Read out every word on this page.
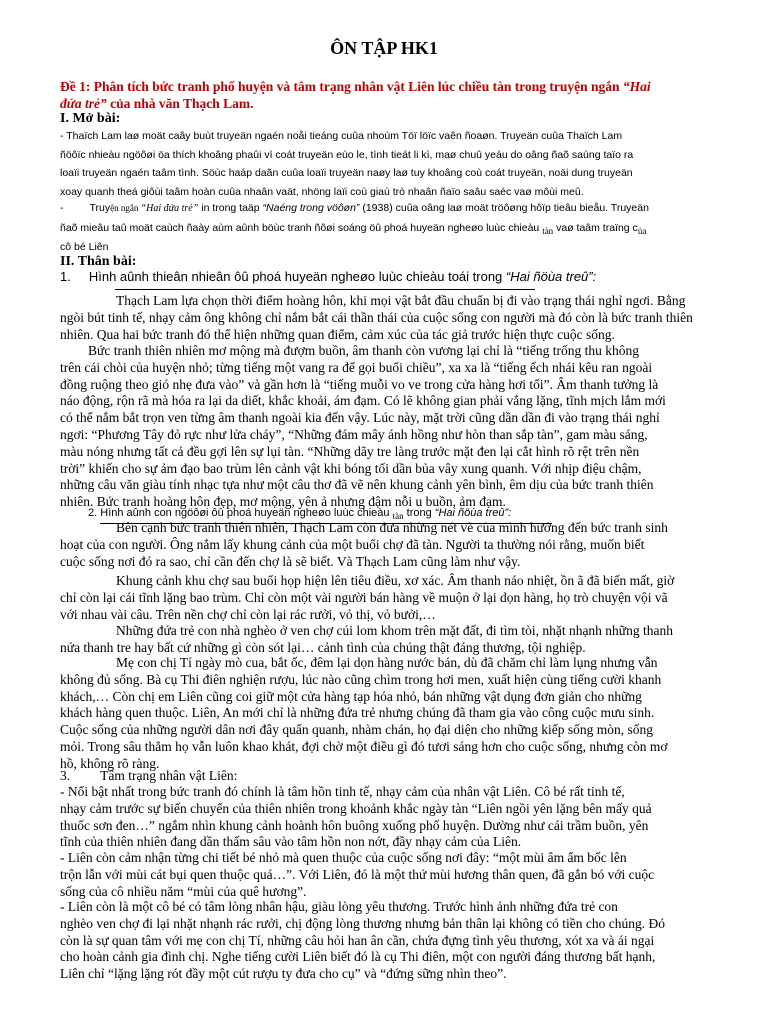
ÔN TẬP HK1
Đề 1: Phân tích bức tranh phố huyện và tâm trạng nhân vật Liên lúc chiều tàn trong truyện ngắn “Hai
đứa trẻ” của nhà văn Thạch Lam.
I. Mở bài:
- Thaïch Lam laø moät caây buùt truyeän ngaén noåi tieáng cuûa nhoùm Töï löïc vaên ñoaøn. Truyeän cuûa Thaïch Lam
ñöôïc nhieàu ngöôøi öa thích khoâng phaûi vì coát truyeän eùo le, tình tieát li kì, maø chuû yeáu do oâng ñaõ saùng taïo ra
loaïi truyeän ngaén taâm tình. Söùc haáp daãn cuûa loaïi truyeän naøy laø tuy khoâng coù coát truyeän, noäi dung truyeän
xoay quanh theá giôùi taâm hoàn cuûa nhaân vaät, nhöng laïi coù giaù trò nhaân ñaïo saâu saéc vaø môùi meû.
- Truyện ngắn “Hai đứa trẻ” in trong taäp “Naéng trong vöôøn” (1938) cuûa oâng laø moät tröôøng hôïp tieâu bieåu. Truyeän
ñaõ mieâu taû moät caùch ñaày aùm aûnh böùc tranh ñôøi soáng öû phoá huyeän ngheøo luùc chieàu tàn vaø taâm traïng của
cô bé Liên
II. Thân bài:
1. Hình aûnh thieân nhieân ôû phoá huyeän ngheøo luùc chieàu toái trong “Hai ñöùa treû”:
Thạch Lam lựa chọn thời điểm hoàng hôn, khi mọi vật bắt đầu chuẩn bị đi vào trạng thái nghỉ ngơi. Bằng
ngòi bút tinh tế, nhạy cảm ông không chỉ nắm bắt cái thần thái của cuộc sống con người mà đó còn là bức tranh thiên
nhiên. Qua hai bức tranh đó thể hiện những quan điểm, cảm xúc của tác giả trước hiện thực cuộc sống.
Bức tranh thiên nhiên mơ mộng mà đượm buồn, âm thanh còn vương lại chỉ là “tiếng trống thu không
trên cái chòi của huyện nhỏ; từng tiếng một vang ra để gọi buổi chiều”, xa xa là “tiếng ếch nhái kêu ran ngoài
đồng ruộng theo gió nhẹ đưa vào” và gần hơn là “tiếng muỗi vo ve trong cửa hàng hơi tối”. Âm thanh tưởng là
náo động, rộn rã mà hóa ra lại da diết, khắc khoải, ám đạm. Có lẽ không gian phải vắng lặng, tĩnh mịch lắm mới
có thể nắm bắt trọn ven từng âm thanh ngoài kia đến vậy. Lúc này, mặt trời cũng dần dần đi vào trạng thái nghỉ
ngơi: “Phương Tây đỏ rực như lửa cháy”, “Những đám mây ánh hồng như hòn than sắp tàn”, gam màu sáng,
màu nóng nhưng tất cả đều gợi lên sự lụi tàn. “Những dãy tre làng trước mặt đen lại cắt hình rõ rệt trên nền
trời” khiến cho sự ảm đạo bao trùm lên cảnh vật khi bóng tối dần bủa vây xung quanh. Với nhịp điệu chậm,
những câu văn giàu tính nhạc tựa như một câu thơ đã vẽ nên khung cảnh yên bình, êm dịu của bức tranh thiên
nhiên. Bức tranh hoàng hôn đẹp, mơ mộng, yên ả nhưng đậm nỗi u buồn, ảm đạm.
2. Hình aûnh con ngöôøi ôû phoá huyeän ngheøo luùc chieàu $_{tàn}$ trong “Hai ñöùa treû”:
Bên cạnh bức tranh thiên nhiên, Thạch Lam còn đưa những nét vẽ của mình hướng đến bức tranh sinh
hoạt của con người. Ông nắm lấy khung cảnh của một buổi chợ đã tàn. Người ta thường nói rằng, muốn biết
cuộc sống nơi đó ra sao, chỉ cần đến chợ là sẽ biết. Và Thạch Lam cũng làm như vậy.
Khung cảnh khu chợ sau buổi họp hiện lên tiêu điều, xơ xác. Âm thanh náo nhiệt, ồn ã đã biến mất, giờ
chỉ còn lại cái tĩnh lặng bao trùm. Chỉ còn một vài người bán hàng về muộn ở lại dọn hàng, họ trò chuyện vội vã
với nhau vài câu. Trên nền chợ chỉ còn lại rác rưởi, vỏ thị, vỏ bưởi,…
Những đứa trẻ con nhà nghèo ở ven chợ cúi lom khom trên mặt đất, đi tìm tòi, nhặt nhạnh những thanh
nứa thanh tre hay bất cứ những gì còn sót lại… cảnh tình của chúng thật đáng thương, tội nghiệp.
Mẹ con chị Tí ngày mò cua, bắt ốc, đêm lại dọn hàng nước bán, dù đã chăm chỉ làm lụng nhưng vẫn
không đủ sống. Bà cụ Thi điên nghiện rượu, lúc nào cũng chìm trong hơi men, xuất hiện cùng tiếng cười khanh
khách,… Còn chị em Liên cũng coi giữ một cửa hàng tạp hóa nhỏ, bán những vật dụng đơn giản cho những
khách hàng quen thuộc. Liên, An mới chỉ là những đứa trẻ nhưng chúng đã tham gia vào công cuộc mưu sinh.
Cuộc sống của những người dân nơi đây quẩn quanh, nhàm chán, họ đại diện cho những kiếp sống mòn, sống
mỏi. Trong sâu thẳm họ vẫn luôn khao khát, đợi chờ một điều gì đó tươi sáng hơn cho cuộc sống, nhưng còn mơ
hồ, không rõ ràng.
3. Tâm trạng nhân vật Liên:
- Nổi bật nhất trong bức tranh đó chính là tâm hồn tinh tế, nhạy cảm của nhân vật Liên. Cô bé rất tinh tế,
nhạy cảm trước sự biến chuyển của thiên nhiên trong khoảnh khắc ngày tàn “Liên ngồi yên lặng bên mấy quả
thuốc sơn đen…” ngắm nhìn khung cảnh hoành hôn buông xuống phố huyện. Dường như cái trầm buồn, yên
tĩnh của thiên nhiên đang dần thấm sâu vào tâm hồn non nớt, đầy nhạy cảm của Liên.
- Liên còn cảm nhận từng chi tiết bé nhỏ mà quen thuộc của cuộc sống nơi đây: “một mùi âm ẩm bốc lên
trộn lẫn với mùi cát bụi quen thuộc quá…”. Với Liên, đó là một thứ mùi hương thân quen, đã gắn bó với cuộc
sống của cô nhiều năm “mùi của quê hương”.
- Liên còn là một cô bé có tâm lòng nhân hậu, giàu lòng yêu thương. Trước hình ảnh những đứa trẻ con
nghèo ven chợ đi lại nhặt nhạnh rác rưởi, chị động lòng thương nhưng bản thân lại không có tiền cho chúng. Đó
còn là sự quan tâm với mẹ con chị Tí, những câu hỏi han ân cần, chứa đựng tình yêu thương, xót xa và ái ngại
cho hoàn cảnh gia đình chị. Nghe tiếng cười Liên biết đó là cụ Thi điên, một con người đáng thương bất hạnh,
Liên chỉ “lặng lặng rót đầy một cút rượu ty đưa cho cụ” và “đứng sững nhìn theo”.
